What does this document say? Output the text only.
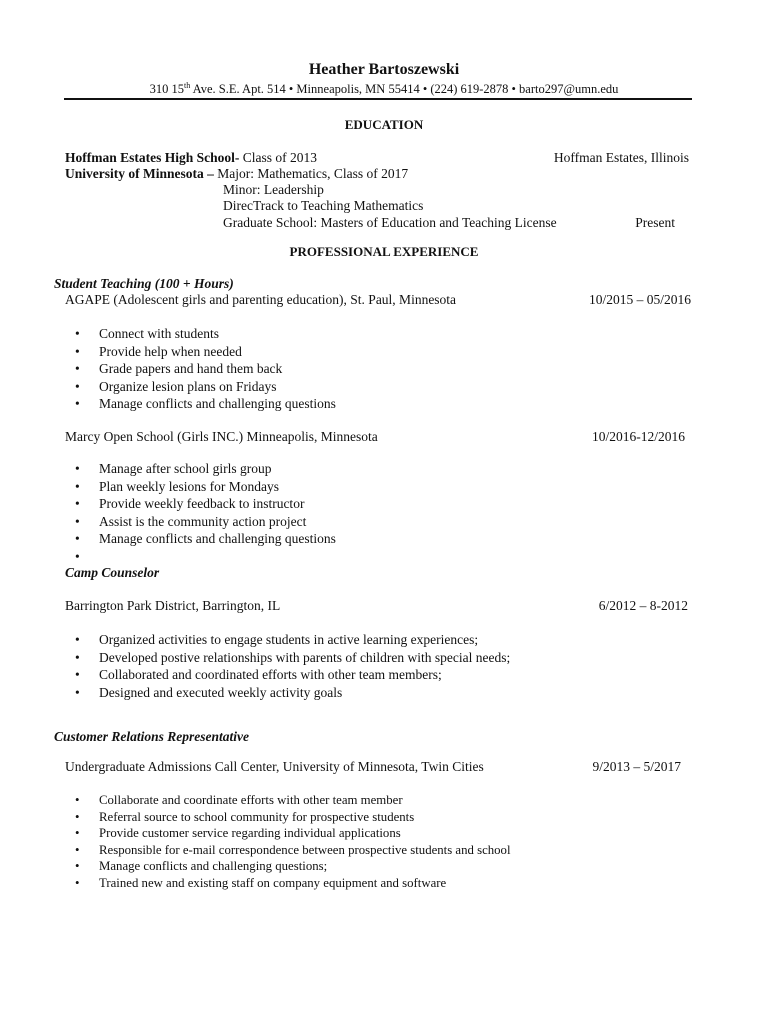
Heather Bartoszewski
310 15th Ave. S.E. Apt. 514 • Minneapolis, MN 55414 • (224) 619-2878 • barto297@umn.edu
EDUCATION
Hoffman Estates High School- Class of 2013	Hoffman Estates, Illinois
University of Minnesota – Major: Mathematics, Class of 2017
Minor: Leadership
DirecTrack to Teaching Mathematics
Graduate School: Masters of Education and Teaching License	Present
PROFESSIONAL EXPERIENCE
Student Teaching (100 + Hours)
AGAPE (Adolescent girls and parenting education), St. Paul, Minnesota	10/2015 – 05/2016
• Connect with students
• Provide help when needed
• Grade papers and hand them back
• Organize lesion plans on Fridays
• Manage conflicts and challenging questions
Marcy Open School (Girls INC.) Minneapolis, Minnesota	10/2016-12/2016
• Manage after school girls group
• Plan weekly lesions for Mondays
• Provide weekly feedback to instructor
• Assist is the community action project
• Manage conflicts and challenging questions
•
Camp Counselor
Barrington Park District, Barrington, IL	6/2012 – 8-2012
• Organized activities to engage students in active learning experiences;
• Developed postive relationships with parents of children with special needs;
• Collaborated and coordinated efforts with other team members;
• Designed and executed weekly activity goals
Customer Relations Representative
Undergraduate Admissions Call Center, University of Minnesota, Twin Cities	9/2013 – 5/2017
• Collaborate and coordinate efforts with other team member
• Referral source to school community for prospective students
• Provide customer service regarding individual applications
• Responsible for e-mail correspondence between prospective students and school
• Manage conflicts and challenging questions;
• Trained new and existing staff on company equipment and software
